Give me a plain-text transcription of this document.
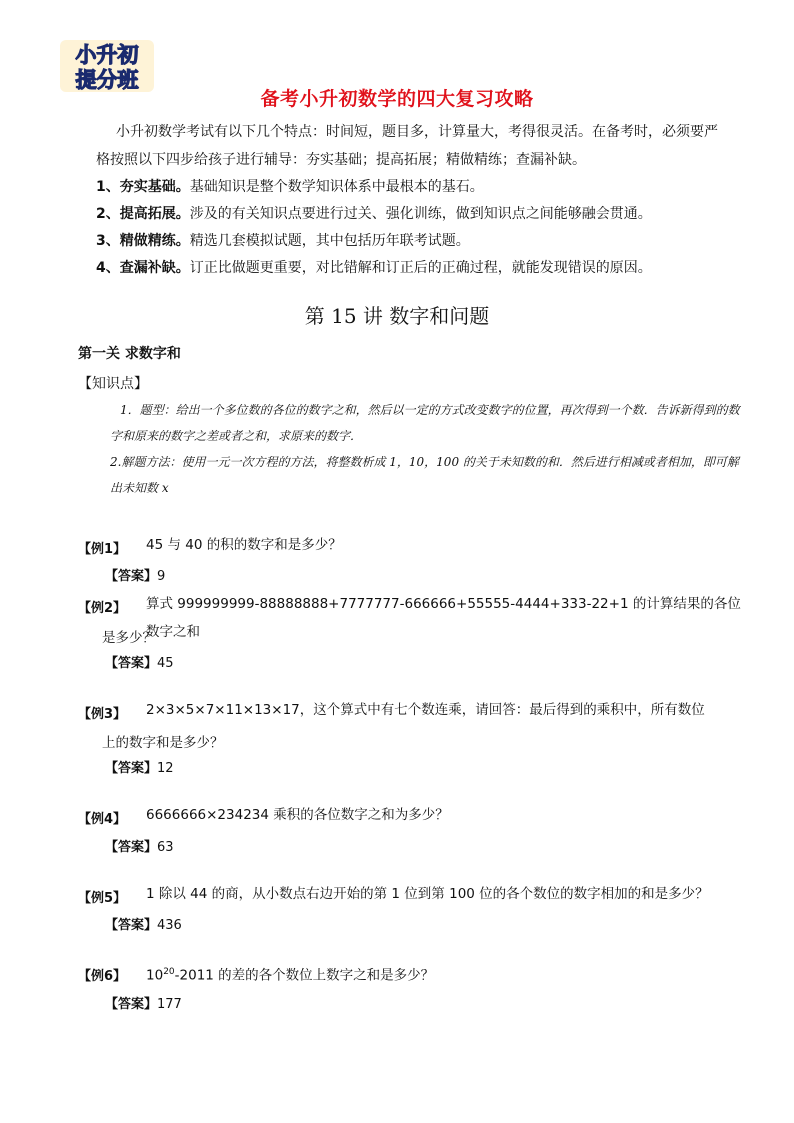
小升初
提分班
备考小升初数学的四大复习攻略
小升初数学考试有以下几个特点：时间短，题目多，计算量大，考得很灵活。在备考时，必须要严格按照以下四步给孩子进行辅导：夯实基础；提高拓展；精做精练；查漏补缺。
1、夯实基础。基础知识是整个数学知识体系中最根本的基石。
2、提高拓展。涉及的有关知识点要进行过关、强化训练，做到知识点之间能够融会贯通。
3、精做精练。精选几套模拟试题，其中包括历年联考试题。
4、查漏补缺。订正比做题更重要，对比错解和订正后的正确过程，就能发现错误的原因。
第 15 讲 数字和问题
第一关 求数字和
【知识点】
1．题型：给出一个多位数的各位的数字之和，然后以一定的方式改变数字的位置，再次得到一个数．告诉新得到的数字和原来的数字之差或者之和，求原来的数字．
2.解题方法：使用一元一次方程的方法，将整数析成 1，10，100 的关于未知数的和．然后进行相减或者相加，即可解出未知数 x
【例1】 45 与 40 的积的数字和是多少？
【答案】9
【例2】 算式 999999999-88888888+7777777-666666+55555-4444+333-22+1 的计算结果的各位数字之和
是多少？
【答案】45
【例3】 2×3×5×7×11×13×17，这个算式中有七个数连乘，请回答：最后得到的乘积中，所有数位
上的数字和是多少？
【答案】12
【例4】 6666666×234234 乘积的各位数字之和为多少？
【答案】63
【例5】 1 除以 44 的商，从小数点右边开始的第 1 位到第 100 位的各个数位的数字相加的和是多少？
【答案】436
【例6】 $10^{20}-2011$ 的差的各个数位上数字之和是多少？
【答案】177
